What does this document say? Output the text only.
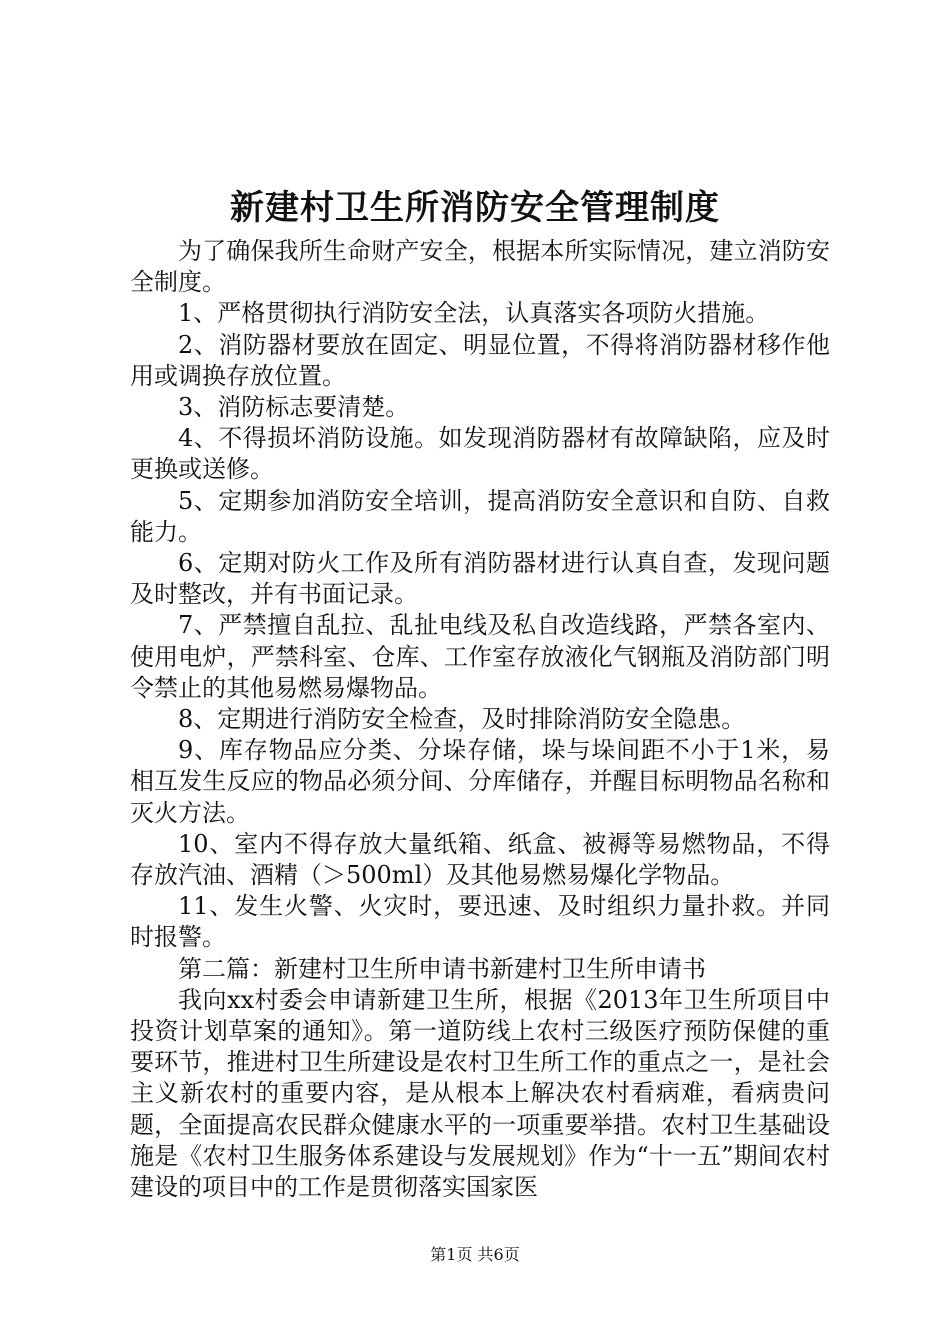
新建村卫生所消防安全管理制度

为了确保我所生命财产安全，根据本所实际情况，建立消防安全制度。

1、严格贯彻执行消防安全法，认真落实各项防火措施。

2、消防器材要放在固定、明显位置，不得将消防器材移作他用或调换存放位置。

3、消防标志要清楚。

4、不得损坏消防设施。如发现消防器材有故障缺陷，应及时更换或送修。

5、定期参加消防安全培训，提高消防安全意识和自防、自救能力。

6、定期对防火工作及所有消防器材进行认真自查，发现问题及时整改，并有书面记录。

7、严禁擅自乱拉、乱扯电线及私自改造线路，严禁各室内、使用电炉，严禁科室、仓库、工作室存放液化气钢瓶及消防部门明令禁止的其他易燃易爆物品。

8、定期进行消防安全检查，及时排除消防安全隐患。

9、库存物品应分类、分垛存储，垛与垛间距不小于1米，易相互发生反应的物品必须分间、分库储存，并醒目标明物品名称和灭火方法。

10、室内不得存放大量纸箱、纸盒、被褥等易燃物品，不得存放汽油、酒精（＞500ml）及其他易燃易爆化学物品。

11、发生火警、火灾时，要迅速、及时组织力量扑救。并同时报警。

第二篇：新建村卫生所申请书新建村卫生所申请书

我向xx村委会申请新建卫生所，根据《2013年卫生所项目中投资计划草案的通知》。第一道防线上农村三级医疗预防保健的重要环节，推进村卫生所建设是农村卫生所工作的重点之一，是社会主义新农村的重要内容，是从根本上解决农村看病难，看病贵问题，全面提高农民群众健康水平的一项重要举措。农村卫生基础设施是《农村卫生服务体系建设与发展规划》作为“十一五”期间农村建设的项目中的工作是贯彻落实国家医

第1页 共6页
